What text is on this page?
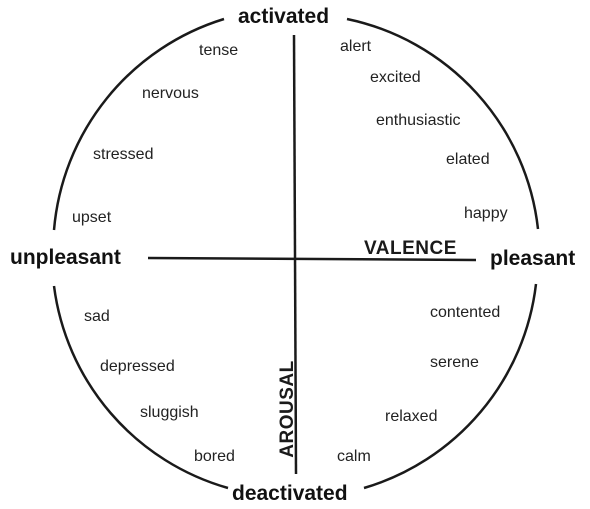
activated
deactivated
unpleasant	pleasant
VALENCE
AROUSAL
tense
nervous
stressed
upset
sad
depressed
sluggish
bored
alert
excited
enthusiastic
elated
happy
contented
serene
relaxed
calm
